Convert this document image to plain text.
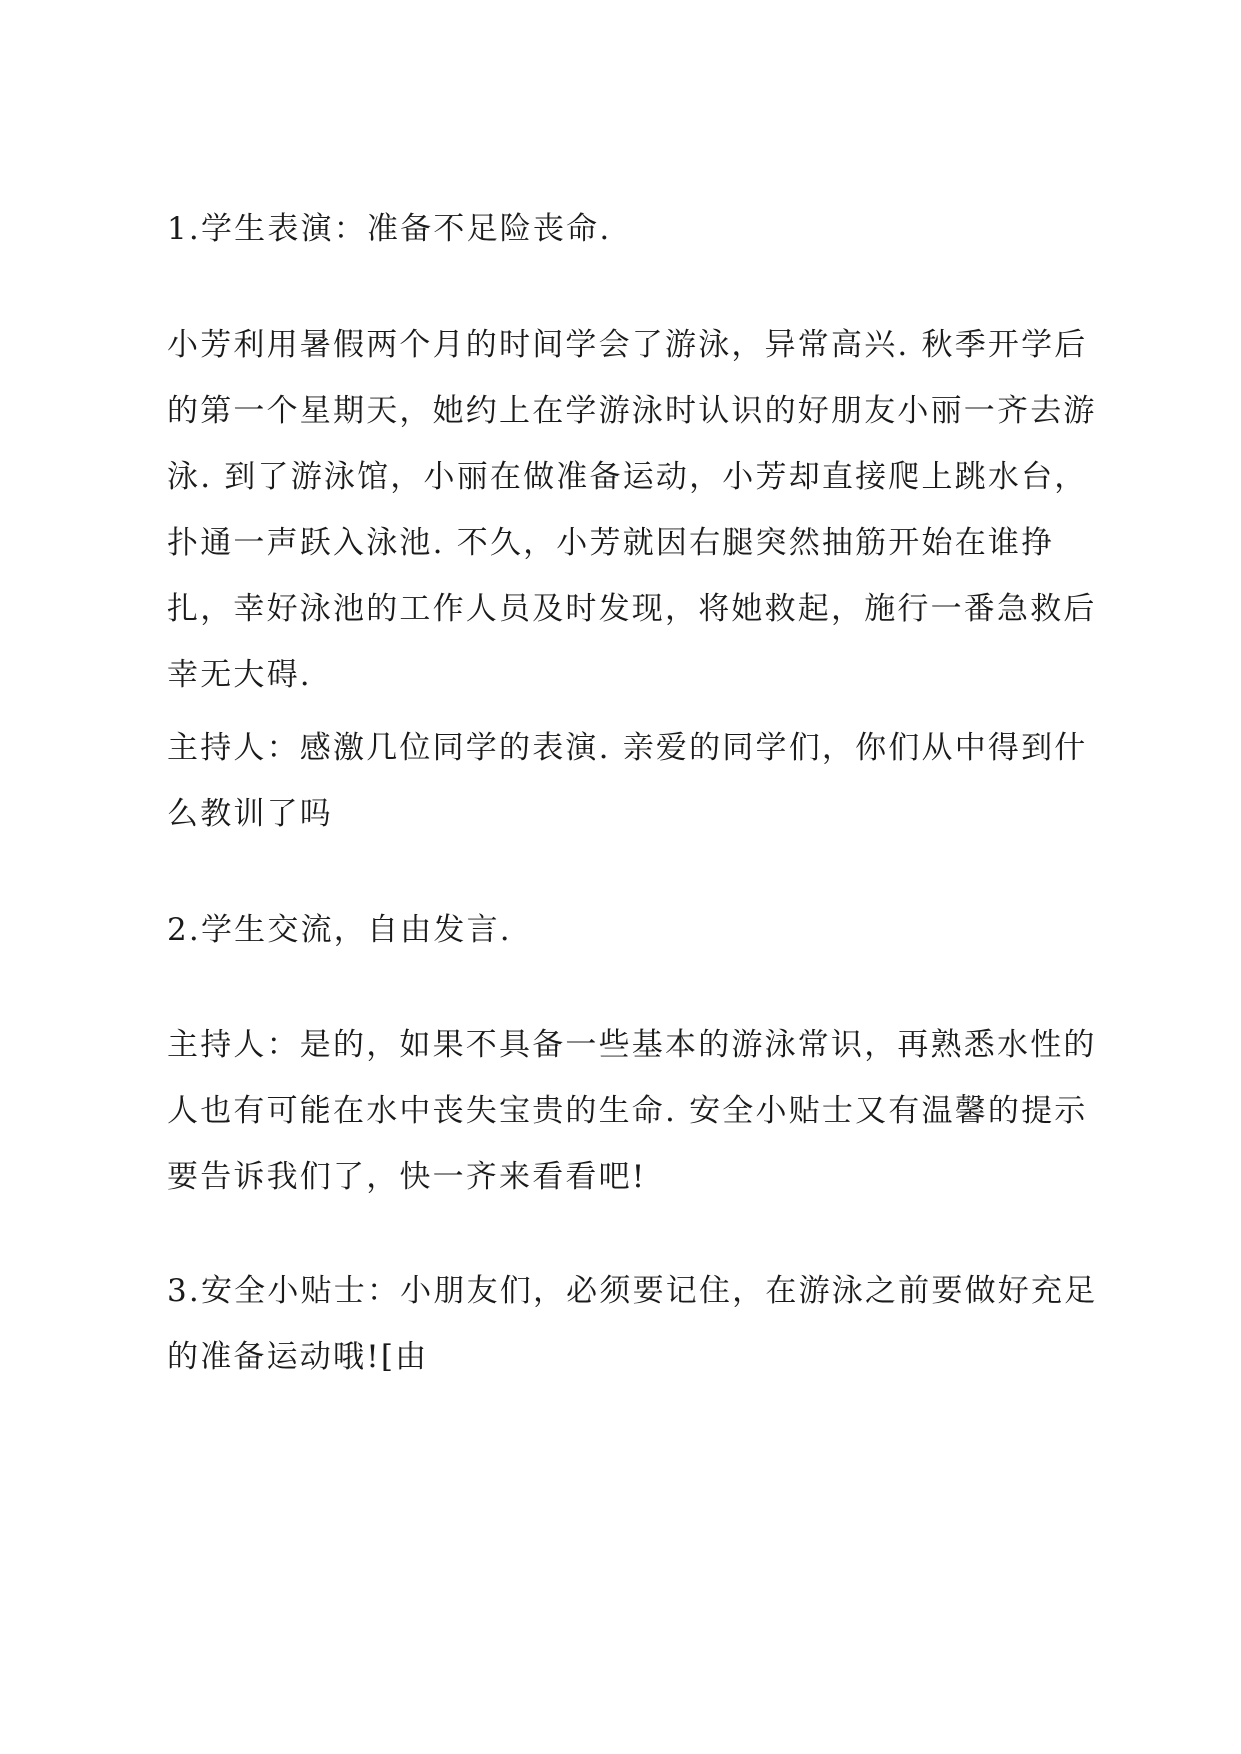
1.学生表演：准备不足险丧命.
小芳利用暑假两个月的时间学会了游泳，异常高兴. 秋季开学后
的第一个星期天，她约上在学游泳时认识的好朋友小丽一齐去游
泳. 到了游泳馆，小丽在做准备运动，小芳却直接爬上跳水台，
扑通一声跃入泳池. 不久，小芳就因右腿突然抽筋开始在谁挣
扎，幸好泳池的工作人员及时发现，将她救起，施行一番急救后
幸无大碍.
主持人：感激几位同学的表演. 亲爱的同学们，你们从中得到什
么教训了吗
2.学生交流，自由发言.
主持人：是的，如果不具备一些基本的游泳常识，再熟悉水性的
人也有可能在水中丧失宝贵的生命. 安全小贴士又有温馨的提示
要告诉我们了，快一齐来看看吧!
3.安全小贴士：小朋友们，必须要记住，在游泳之前要做好充足
的准备运动哦![由
